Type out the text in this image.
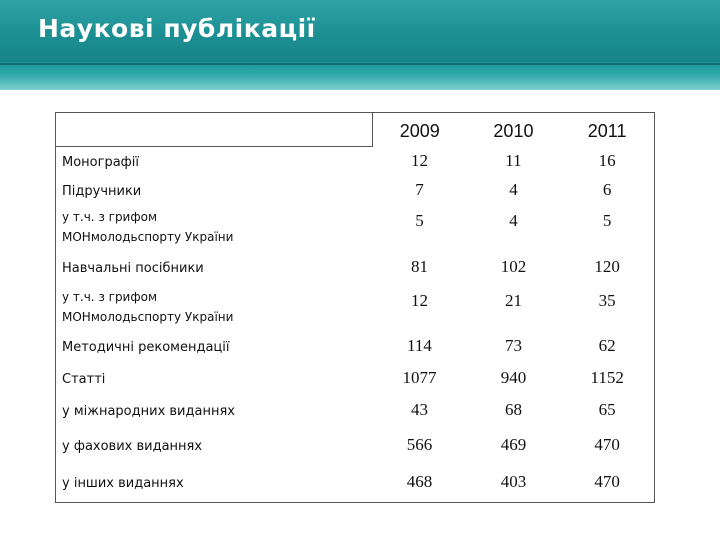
Наукові публікації
	2009	2010	2011
Монографії	12	11	16
Підручники	7	4	6

у т.ч. з грифом
МОНмолодьспорту України	5	4	5
Навчальні посібники	81	102	120

у т.ч. з грифом
МОНмолодьспорту України	12	21	35
Методичні рекомендації	114	73	62
Статті	1077	940	1152
у міжнародних виданнях	43	68	65
у фахових виданнях	566	469	470
у інших виданнях	468	403	470
